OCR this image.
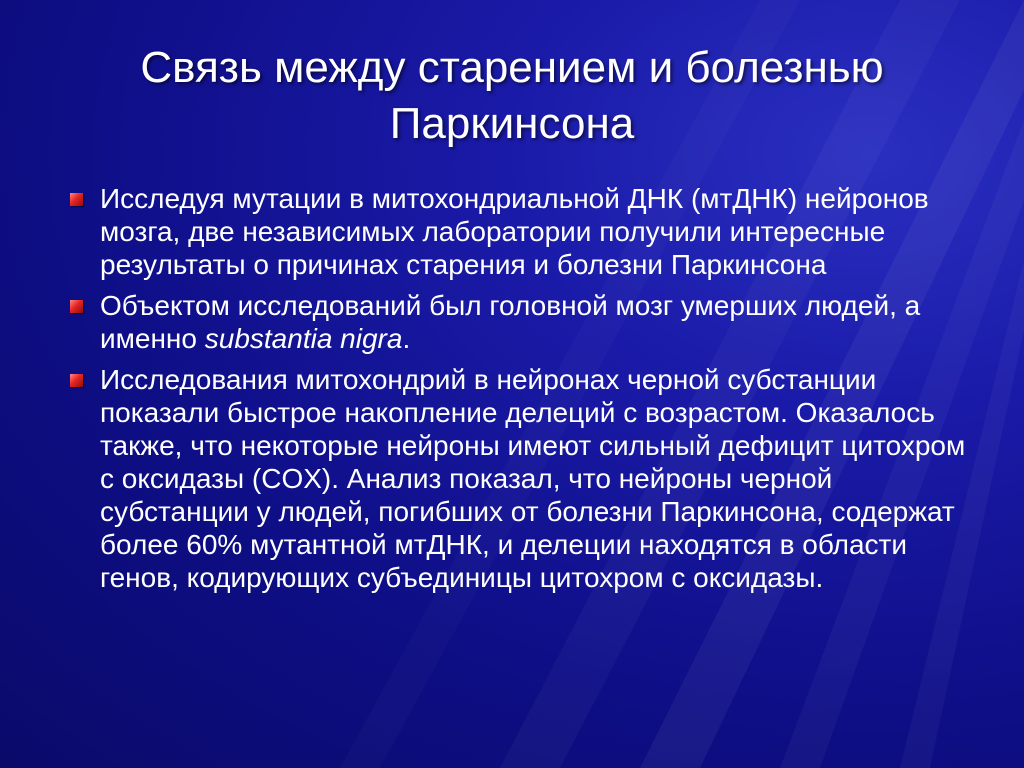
Связь между старением и болезнью
Паркинсона
Исследуя мутации в митохондриальной ДНК (мтДНК) нейронов мозга, две независимых лаборатории получили интересные результаты о причинах старения и болезни Паркинсона
Объектом исследований был головной мозг умерших людей, а именно substantia nigra.
Исследования митохондрий в нейронах черной субстанции показали быстрое накопление делеций с возрастом. Оказалось также, что некоторые нейроны имеют сильный дефицит цитохром с оксидазы (COX). Анализ показал, что нейроны черной субстанции у людей, погибших от болезни Паркинсона, содержат более 60% мутантной мтДНК, и делеции находятся в области генов, кодирующих субъединицы цитохром с оксидазы.
